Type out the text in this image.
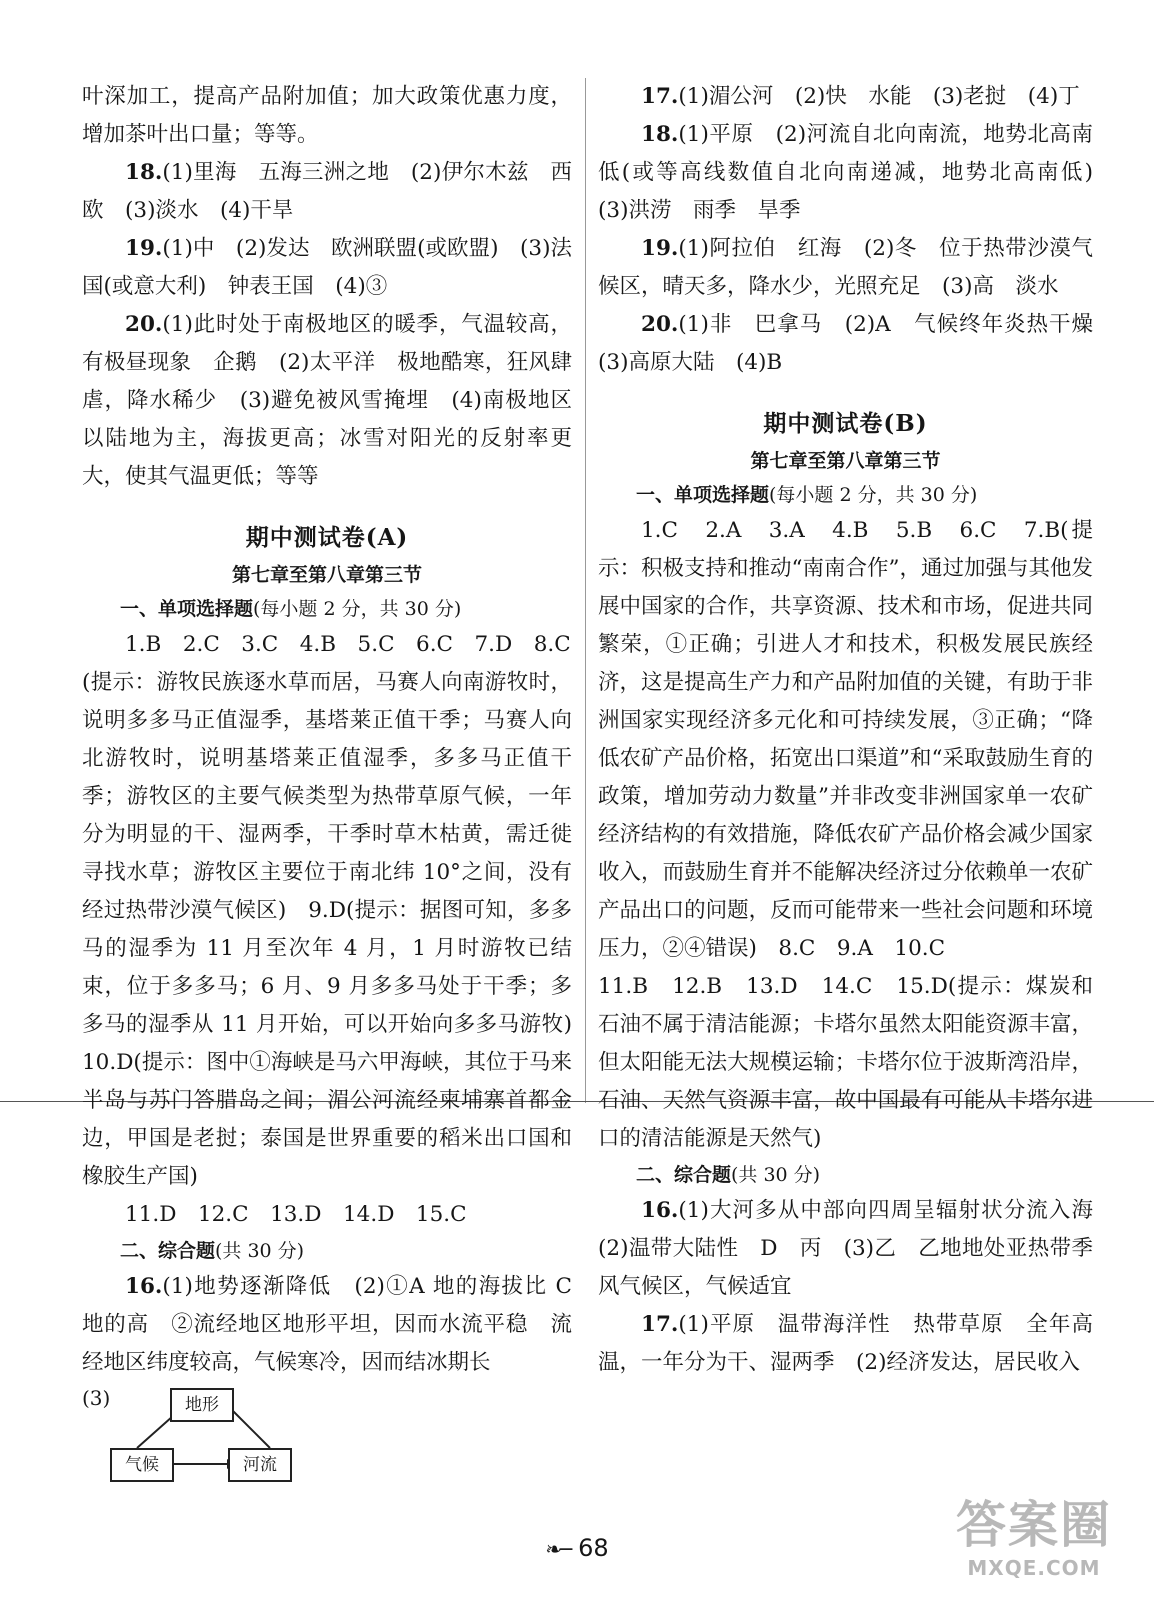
叶深加工，提高产品附加值；加大政策优惠力度，增加茶叶出口量；等等。

18.(1)里海　五海三洲之地　(2)伊尔木兹　西欧　(3)淡水　(4)干旱

19.(1)中　(2)发达　欧洲联盟(或欧盟)　(3)法国(或意大利)　钟表王国　(4)③

20.(1)此时处于南极地区的暖季，气温较高，有极昼现象　企鹅　(2)太平洋　极地酷寒，狂风肆虐，降水稀少　(3)避免被风雪掩埋　(4)南极地区以陆地为主，海拔更高；冰雪对阳光的反射率更大，使其气温更低；等等

期中测试卷(A)

第七章至第八章第三节

一、单项选择题(每小题 2 分，共 30 分)

1.B　2.C　3.C　4.B　5.C　6.C　7.D　8.C

(提示：游牧民族逐水草而居，马赛人向南游牧时，说明多多马正值湿季，基塔莱正值干季；马赛人向北游牧时，说明基塔莱正值湿季，多多马正值干季；游牧区的主要气候类型为热带草原气候，一年分为明显的干、湿两季，干季时草木枯黄，需迁徙寻找水草；游牧区主要位于南北纬 10°之间，没有经过热带沙漠气候区)　9.D(提示：据图可知，多多马的湿季为 11 月至次年 4 月，1 月时游牧已结束，位于多多马；6 月、9 月多多马处于干季；多多马的湿季从 11 月开始，可以开始向多多马游牧)　10.D(提示：图中①海峡是马六甲海峡，其位于马来半岛与苏门答腊岛之间；湄公河流经柬埔寨首都金边，甲国是老挝；泰国是世界重要的稻米出口国和橡胶生产国)

11.D　12.C　13.D　14.D　15.C

二、综合题(共 30 分)

16.(1)地势逐渐降低　(2)①A 地的海拔比 C 地的高　②流经地区地形平坦，因而水流平稳　流经地区纬度较高，气候寒冷，因而结冰期长

(3)	地形
气候	河流

17.(1)湄公河　(2)快　水能　(3)老挝　(4)丁

18.(1)平原　(2)河流自北向南流，地势北高南低(或等高线数值自北向南递减，地势北高南低)　(3)洪涝　雨季　旱季

19.(1)阿拉伯　红海　(2)冬　位于热带沙漠气候区，晴天多，降水少，光照充足　(3)高　淡水

20.(1)非　巴拿马　(2)A　气候终年炎热干燥　(3)高原大陆　(4)B

期中测试卷(B)

第七章至第八章第三节

一、单项选择题(每小题 2 分，共 30 分)

1.C　2.A　3.A　4.B　5.B　6.C　7.B(提示：积极支持和推动“南南合作”，通过加强与其他发展中国家的合作，共享资源、技术和市场，促进共同繁荣，①正确；引进人才和技术，积极发展民族经济，这是提高生产力和产品附加值的关键，有助于非洲国家实现经济多元化和可持续发展，③正确；“降低农矿产品价格，拓宽出口渠道”和“采取鼓励生育的政策，增加劳动力数量”并非改变非洲国家单一农矿经济结构的有效措施，降低农矿产品价格会减少国家收入，而鼓励生育并不能解决经济过分依赖单一农矿产品出口的问题，反而可能带来一些社会问题和环境压力，②④错误)　8.C　9.A　10.C

11.B　12.B　13.D　14.C　15.D(提示：煤炭和石油不属于清洁能源；卡塔尔虽然太阳能资源丰富，但太阳能无法大规模运输；卡塔尔位于波斯湾沿岸，石油、天然气资源丰富，故中国最有可能从卡塔尔进口的清洁能源是天然气)

二、综合题(共 30 分)

16.(1)大河多从中部向四周呈辐射状分流入海　(2)温带大陆性　D　丙　(3)乙　乙地地处亚热带季风气候区，气候适宜

17.(1)平原　温带海洋性　热带草原　全年高温，一年分为干、湿两季　(2)经济发达，居民收入

❧─ 68	答案圈
MXQE.COM
